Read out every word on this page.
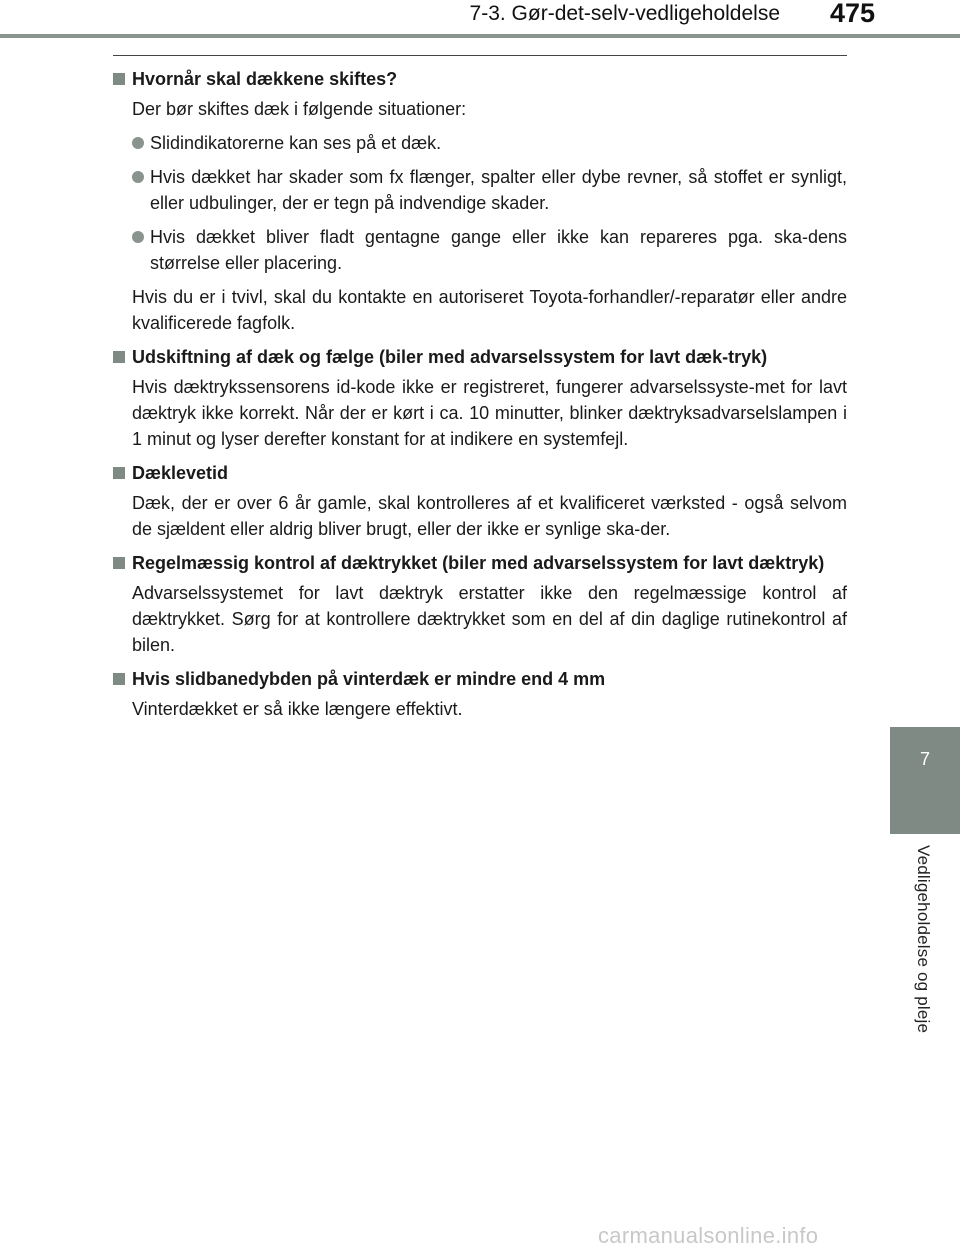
7-3. Gør-det-selv-vedligeholdelse 475
7
Vedligeholdelse og pleje
Hvornår skal dækkene skiftes?
Der bør skiftes dæk i følgende situationer:
Slidindikatorerne kan ses på et dæk.
Hvis dækket har skader som fx flænger, spalter eller dybe revner, så stoffet er synligt, eller udbulinger, der er tegn på indvendige skader.
Hvis dækket bliver fladt gentagne gange eller ikke kan repareres pga. ska-dens størrelse eller placering.
Hvis du er i tvivl, skal du kontakte en autoriseret Toyota-forhandler/-reparatør eller andre kvalificerede fagfolk.
Udskiftning af dæk og fælge (biler med advarselssystem for lavt dæk-tryk)
Hvis dæktrykssensorens id-kode ikke er registreret, fungerer advarselssyste-met for lavt dæktryk ikke korrekt. Når der er kørt i ca. 10 minutter, blinker dæktryksadvarselslampen i 1 minut og lyser derefter konstant for at indikere en systemfejl.
Dæklevetid
Dæk, der er over 6 år gamle, skal kontrolleres af et kvalificeret værksted - også selvom de sjældent eller aldrig bliver brugt, eller der ikke er synlige ska-der.
Regelmæssig kontrol af dæktrykket (biler med advarselssystem for lavt dæktryk)
Advarselssystemet for lavt dæktryk erstatter ikke den regelmæssige kontrol af dæktrykket. Sørg for at kontrollere dæktrykket som en del af din daglige rutinekontrol af bilen.
Hvis slidbanedybden på vinterdæk er mindre end 4 mm
Vinterdækket er så ikke længere effektivt.
carmanualsonline.info
